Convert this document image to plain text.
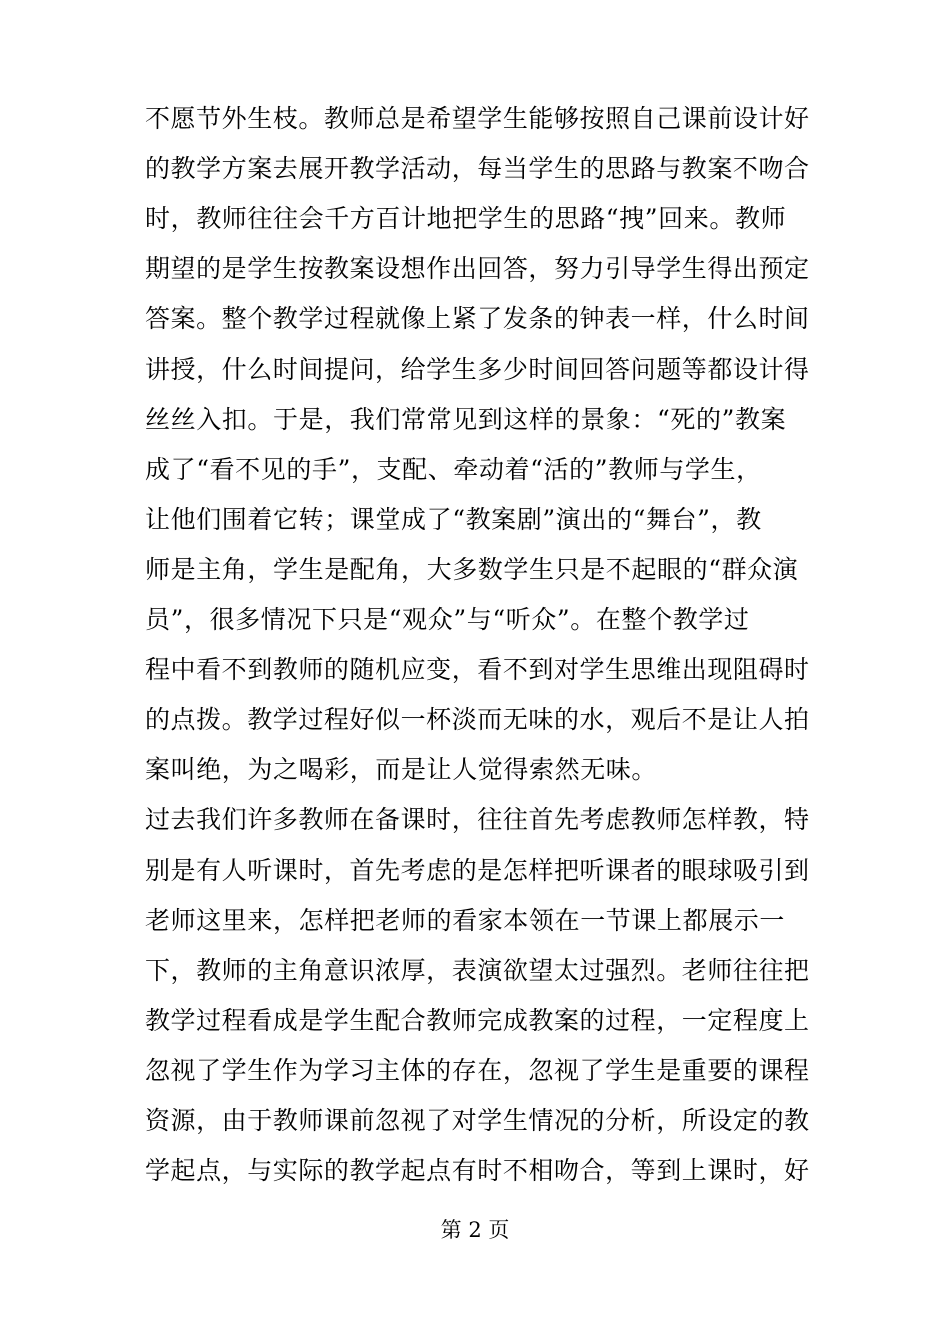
不愿节外生枝。教师总是希望学生能够按照自己课前设计好
的教学方案去展开教学活动，每当学生的思路与教案不吻合
时，教师往往会千方百计地把学生的思路“拽”回来。教师
期望的是学生按教案设想作出回答，努力引导学生得出预定
答案。整个教学过程就像上紧了发条的钟表一样，什么时间
讲授，什么时间提问，给学生多少时间回答问题等都设计得
丝丝入扣。于是，我们常常见到这样的景象：“死的”教案
成了“看不见的手”，支配、牵动着“活的”教师与学生，
让他们围着它转；课堂成了“教案剧”演出的“舞台”，教
师是主角，学生是配角，大多数学生只是不起眼的“群众演
员”，很多情况下只是“观众”与“听众”。在整个教学过
程中看不到教师的随机应变，看不到对学生思维出现阻碍时
的点拨。教学过程好似一杯淡而无味的水，观后不是让人拍
案叫绝，为之喝彩，而是让人觉得索然无味。
过去我们许多教师在备课时，往往首先考虑教师怎样教，特
别是有人听课时，首先考虑的是怎样把听课者的眼球吸引到
老师这里来，怎样把老师的看家本领在一节课上都展示一
下，教师的主角意识浓厚，表演欲望太过强烈。老师往往把
教学过程看成是学生配合教师完成教案的过程，一定程度上
忽视了学生作为学习主体的存在，忽视了学生是重要的课程
资源，由于教师课前忽视了对学生情况的分析，所设定的教
学起点，与实际的教学起点有时不相吻合，等到上课时，好
第 2 页
